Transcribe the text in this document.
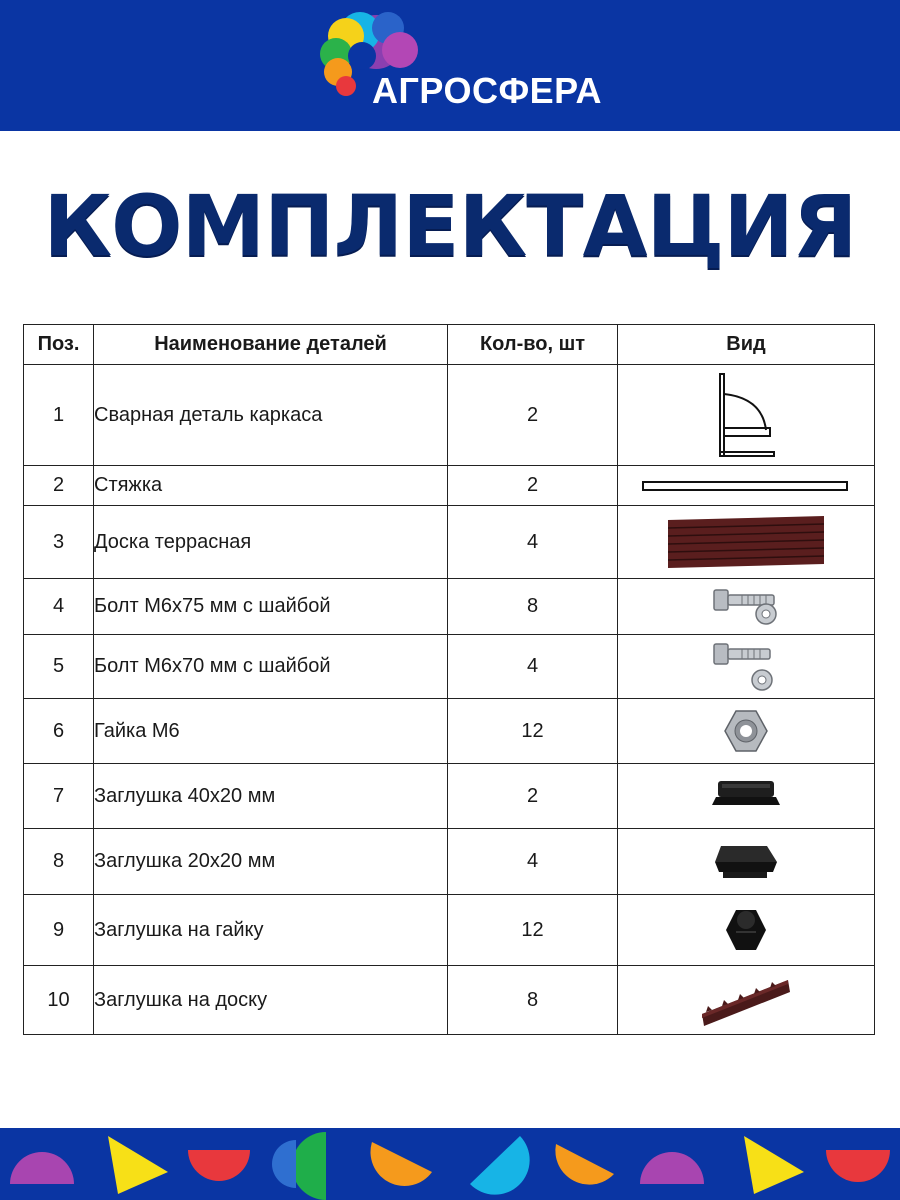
АГРОСФЕРА
КОМПЛЕКТАЦИЯ
Поз.	Наименование деталей	Кол-во, шт	Вид
1	Сварная деталь каркаса	2	

2	Стяжка	2	

3	Доска террасная	4	

4	Болт М6х75 мм с шайбой	8	

5	Болт М6х70 мм с шайбой	4	

6	Гайка М6	12	

7	Заглушка 40х20 мм	2	

8	Заглушка 20х20 мм	4	

9	Заглушка на гайку	12	

10	Заглушка на доску	8	
